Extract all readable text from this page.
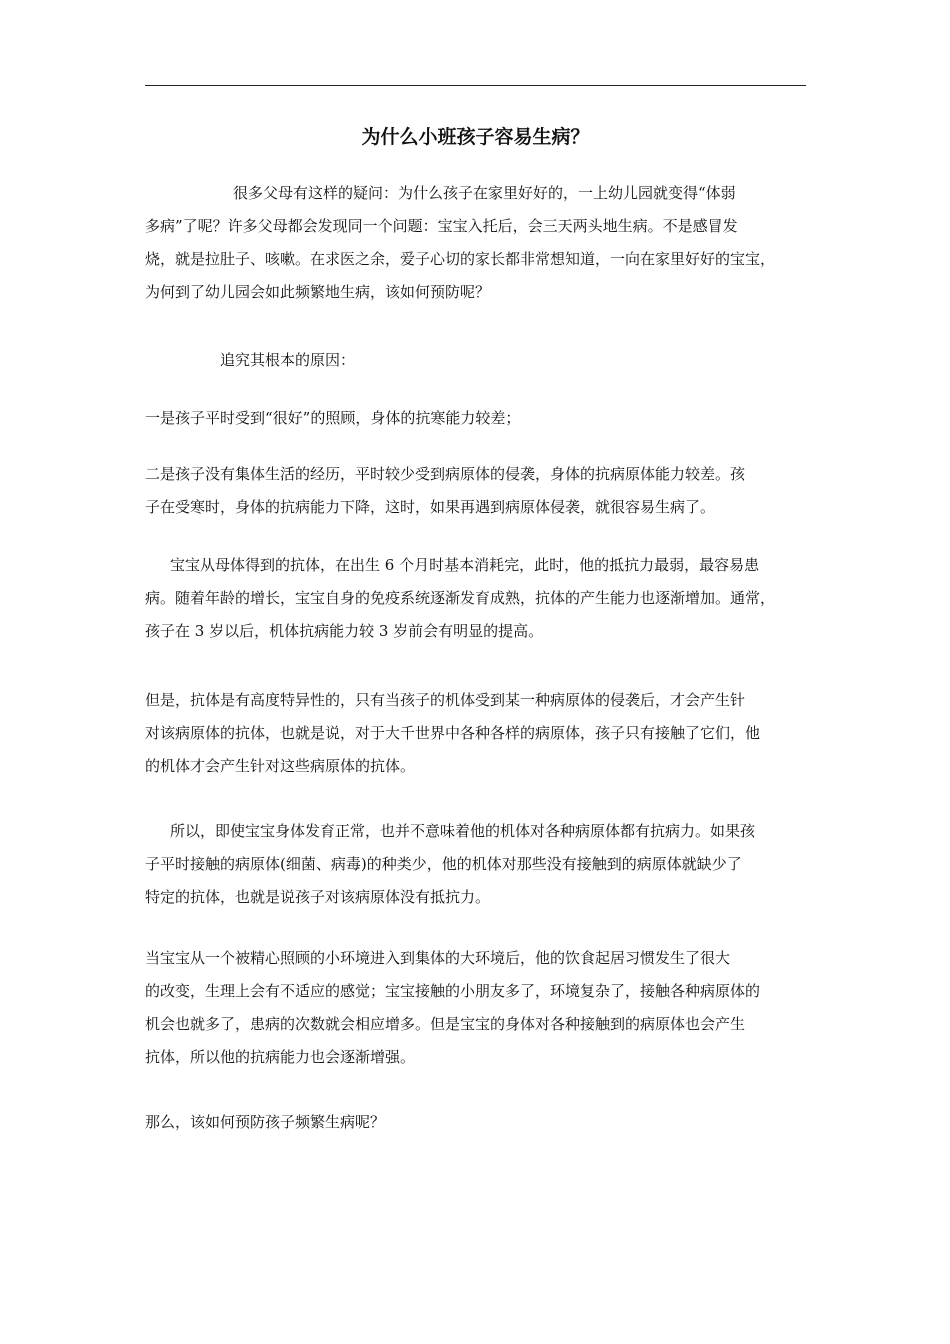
为什么小班孩子容易生病？
很多父母有这样的疑问：为什么孩子在家里好好的，一上幼儿园就变得“体弱
多病”了呢？许多父母都会发现同一个问题：宝宝入托后，会三天两头地生病。不是感冒发
烧，就是拉肚子、咳嗽。在求医之余，爱子心切的家长都非常想知道，一向在家里好好的宝宝，
为何到了幼儿园会如此频繁地生病，该如何预防呢？
追究其根本的原因：
一是孩子平时受到“很好”的照顾，身体的抗寒能力较差；
二是孩子没有集体生活的经历，平时较少受到病原体的侵袭，身体的抗病原体能力较差。孩
子在受寒时，身体的抗病能力下降，这时，如果再遇到病原体侵袭，就很容易生病了。
宝宝从母体得到的抗体，在出生 6 个月时基本消耗完，此时，他的抵抗力最弱，最容易患
病。随着年龄的增长，宝宝自身的免疫系统逐渐发育成熟，抗体的产生能力也逐渐增加。通常，
孩子在 3 岁以后，机体抗病能力较 3 岁前会有明显的提高。
但是，抗体是有高度特异性的，只有当孩子的机体受到某一种病原体的侵袭后，才会产生针
对该病原体的抗体，也就是说，对于大千世界中各种各样的病原体，孩子只有接触了它们，他
的机体才会产生针对这些病原体的抗体。
所以，即使宝宝身体发育正常，也并不意味着他的机体对各种病原体都有抗病力。如果孩
子平时接触的病原体(细菌、病毒)的种类少，他的机体对那些没有接触到的病原体就缺少了
特定的抗体，也就是说孩子对该病原体没有抵抗力。
当宝宝从一个被精心照顾的小环境进入到集体的大环境后，他的饮食起居习惯发生了很大
的改变，生理上会有不适应的感觉；宝宝接触的小朋友多了，环境复杂了，接触各种病原体的
机会也就多了，患病的次数就会相应增多。但是宝宝的身体对各种接触到的病原体也会产生
抗体，所以他的抗病能力也会逐渐增强。
那么，该如何预防孩子频繁生病呢？
